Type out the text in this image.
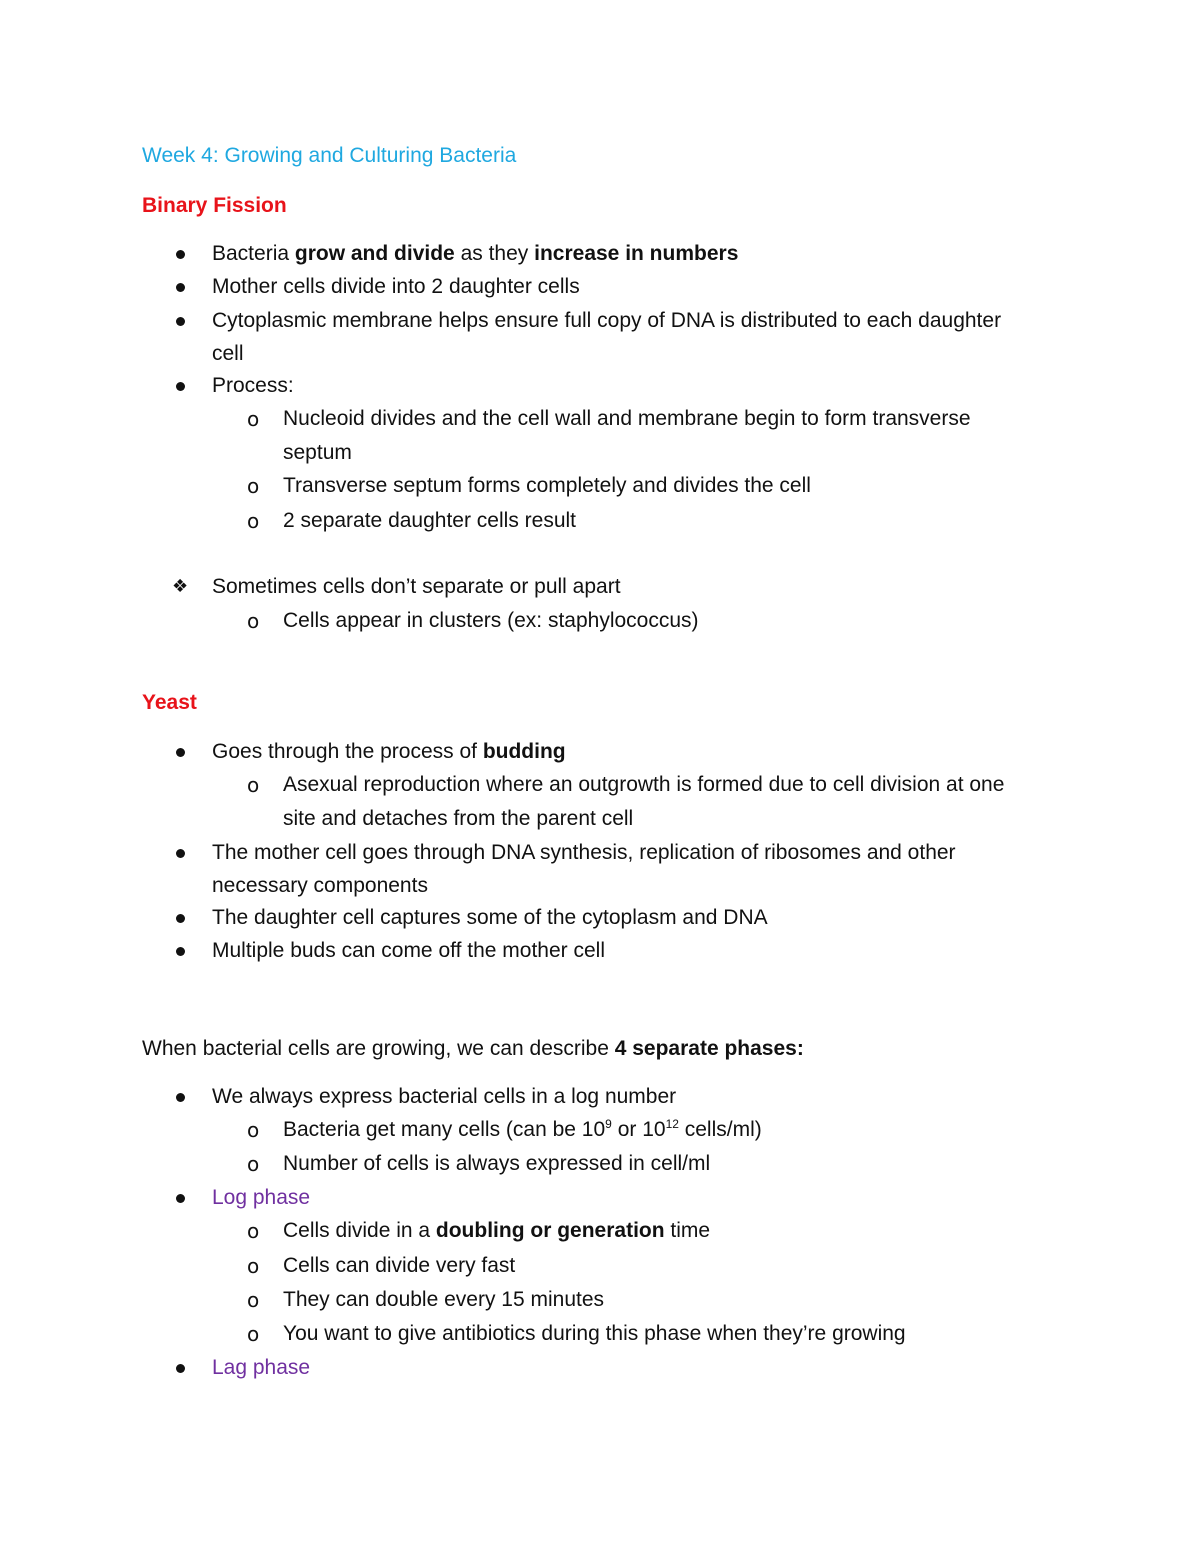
Week 4: Growing and Culturing Bacteria
Binary Fission
Bacteria grow and divide as they increase in numbers
Mother cells divide into 2 daughter cells
Cytoplasmic membrane helps ensure full copy of DNA is distributed to each daughter
cell
Process:
o Nucleoid divides and the cell wall and membrane begin to form transverse
septum
o Transverse septum forms completely and divides the cell
o 2 separate daughter cells result
❖ Sometimes cells don’t separate or pull apart
o Cells appear in clusters (ex: staphylococcus)
Yeast
Goes through the process of budding
o Asexual reproduction where an outgrowth is formed due to cell division at one
site and detaches from the parent cell
The mother cell goes through DNA synthesis, replication of ribosomes and other
necessary components
The daughter cell captures some of the cytoplasm and DNA
Multiple buds can come off the mother cell
When bacterial cells are growing, we can describe 4 separate phases:
We always express bacterial cells in a log number
o Bacteria get many cells (can be $10^9$ or $10^{12}$ cells/ml)
o Number of cells is always expressed in cell/ml
Log phase
o Cells divide in a doubling or generation time
o Cells can divide very fast
o They can double every 15 minutes
o You want to give antibiotics during this phase when they’re growing
Lag phase
